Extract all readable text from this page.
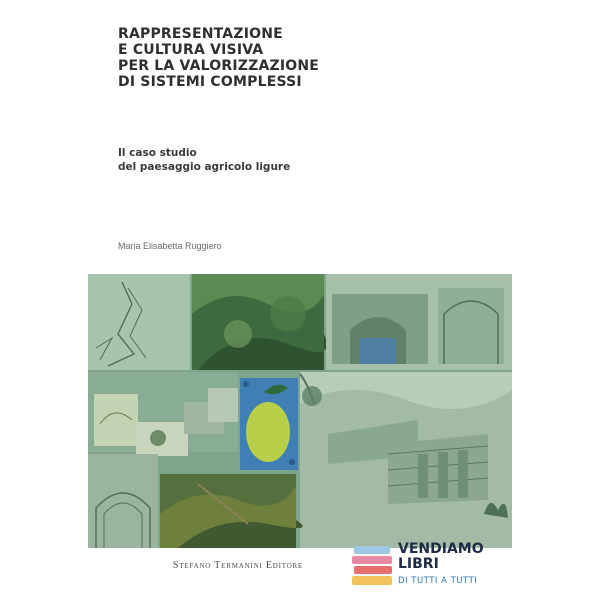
RAPPRESENTAZIONE
E CULTURA VISIVA
PER LA VALORIZZAZIONE
DI SISTEMI COMPLESSI
Il caso studio
del paesaggio agricolo ligure
Maria Elisabetta Ruggiero
Stefano Termanini Editore
VENDIAMO
LIBRI
DI TUTTI A TUTTI
